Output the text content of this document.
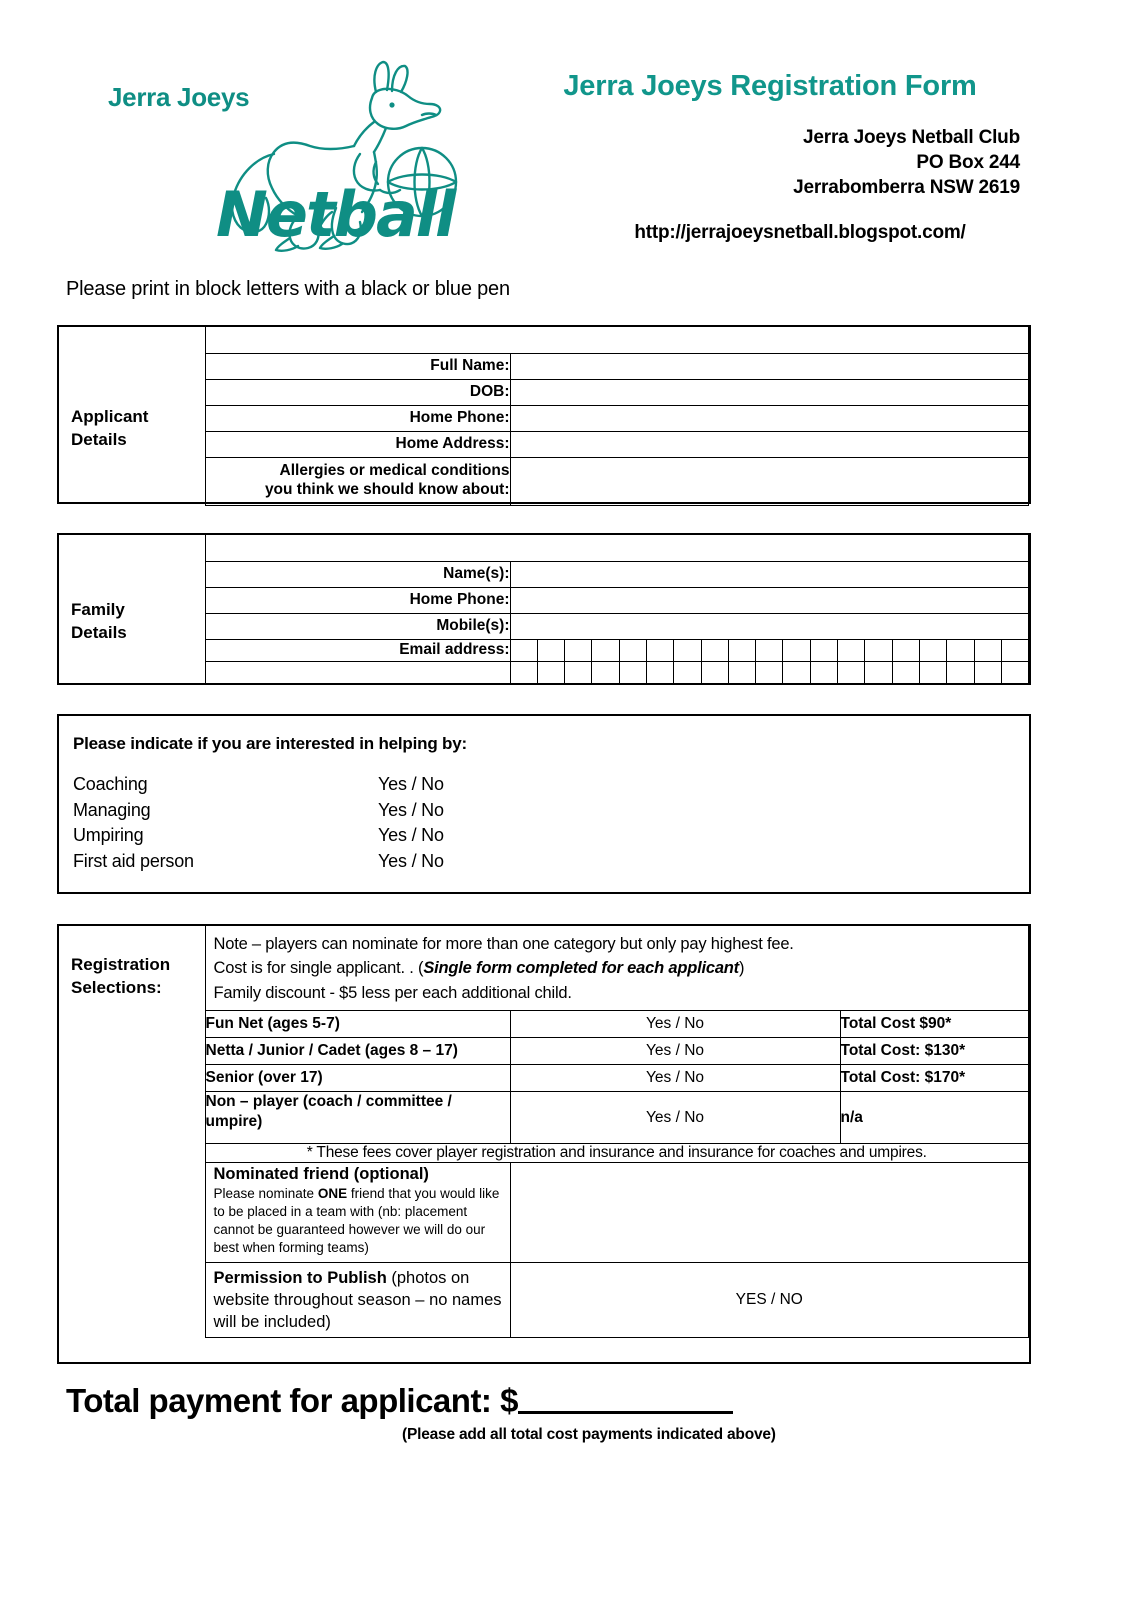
Jerra Joeys
Netball
Jerra Joeys Registration Form
Jerra Joeys Netball Club
PO Box 244
Jerrabomberra NSW 2619
http://jerrajoeysnetball.blogspot.com/
Please print in block letters with a black or blue pen
Applicant
Details		

	Full Name:	
	DOB:	
	Home Phone:	
	Home Address:	

	Allergies or medical conditions
you think we should know about:	

Family
Details		

	Name(s):	
	Home Phone:	
	Mobile(s):	
	Email address:	

Please indicate if you are interested in helping by:
Coaching	Yes / No
Managing	Yes / No
Umpiring	Yes / No
First aid person	Yes / No
Registration
Selections:

Note – players can nominate for more than one category but only pay highest fee.
Cost is for single applicant. . (Single form completed for each applicant)
Family discount - $5 less per each additional child.

	Fun Net (ages 5-7)	Yes / No	Total Cost $90*
	Netta / Junior / Cadet (ages 8 – 17)	Yes / No	Total Cost: $130*
	Senior (over 17)	Yes / No	Total Cost: $170*
	Non – player (coach / committee / umpire)	Yes / No	n/a
	* These fees cover player registration and insurance and insurance for coaches and umpires.		

	Nominated friend (optional)
Please nominate ONE friend that you would like to be placed in a team with (nb: placement cannot be guaranteed however we will do our best when forming teams)		

	Permission to Publish (photos on website throughout season – no names will be included)	YES / NO	
Total payment for applicant: $
(Please add all total cost payments indicated above)
